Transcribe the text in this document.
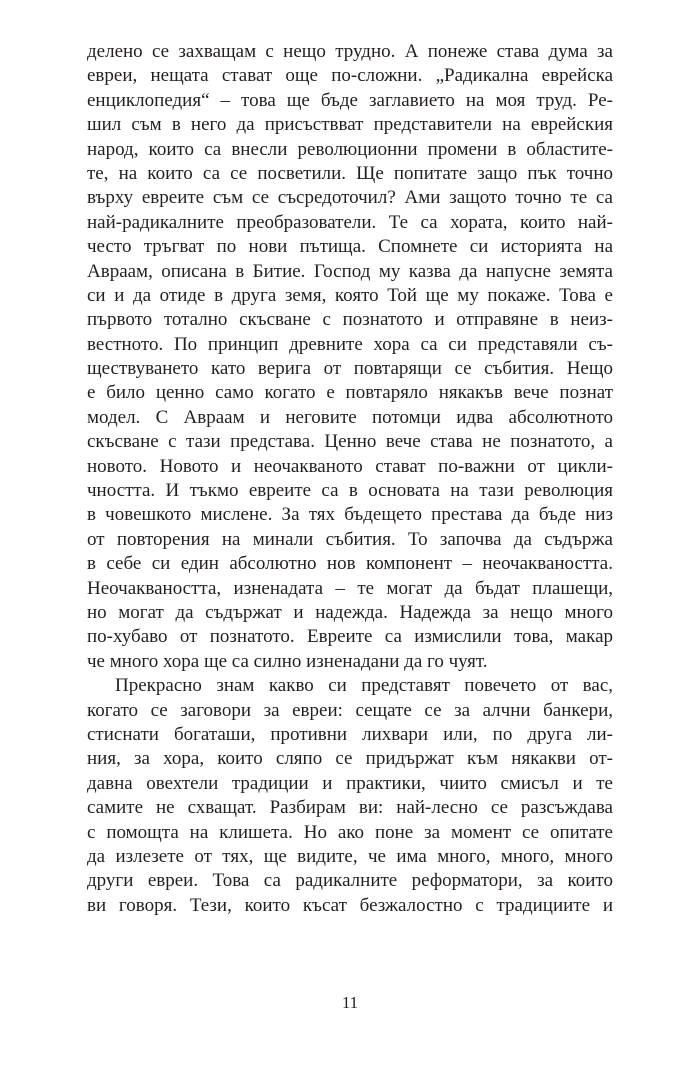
делено се захващам с нещо трудно. А понеже става дума за
евреи, нещата стават още по-сложни. „Радикална еврейска
енциклопедия“ – това ще бъде заглавието на моя труд. Ре-
шил съм в него да присъствват представители на еврейския
народ, които са внесли революционни промени в областите-
те, на които са се посветили. Ще попитате защо пък точно
върху евреите съм се съсредоточил? Ами защото точно те са
най-радикалните преобразователи. Те са хората, които най-
често тръгват по нови пътища. Спомнете си историята на
Авраам, описана в Битие. Господ му казва да напусне земята
си и да отиде в друга земя, която Той ще му покаже. Това е
първото тотално скъсване с познатото и отправяне в неиз-
вестното. По принцип древните хора са си представяли съ-
ществуването като верига от повтарящи се събития. Нещо
е било ценно само когато е повтаряло някакъв вече познат
модел. С Авраам и неговите потомци идва абсолютното
скъсване с тази представа. Ценно вече става не познатото, а
новото. Новото и неочакваното стават по-важни от цикли-
чността. И тъкмо евреите са в основата на тази революция
в човешкото мислене. За тях бъдещето престава да бъде низ
от повторения на минали събития. То започва да съдържа
в себе си един абсолютно нов компонент – неочакваността.
Неочакваността, изненадата – те могат да бъдат плашещи,
но могат да съдържат и надежда. Надежда за нещо много
по-хубаво от познатото. Евреите са измислили това, макар
че много хора ще са силно изненадани да го чуят.
Прекрасно знам какво си представят повечето от вас,
когато се заговори за евреи: сещате се за алчни банкери,
стиснати богаташи, противни лихвари или, по друга ли-
ния, за хора, които сляпо се придържат към някакви от-
давна овехтели традиции и практики, чиито смисъл и те
самите не схващат. Разбирам ви: най-лесно се разсъждава
с помощта на клишета. Но ако поне за момент се опитате
да излезете от тях, ще видите, че има много, много, много
други евреи. Това са радикалните реформатори, за които
ви говоря. Тези, които късат безжалостно с традициите и
11
